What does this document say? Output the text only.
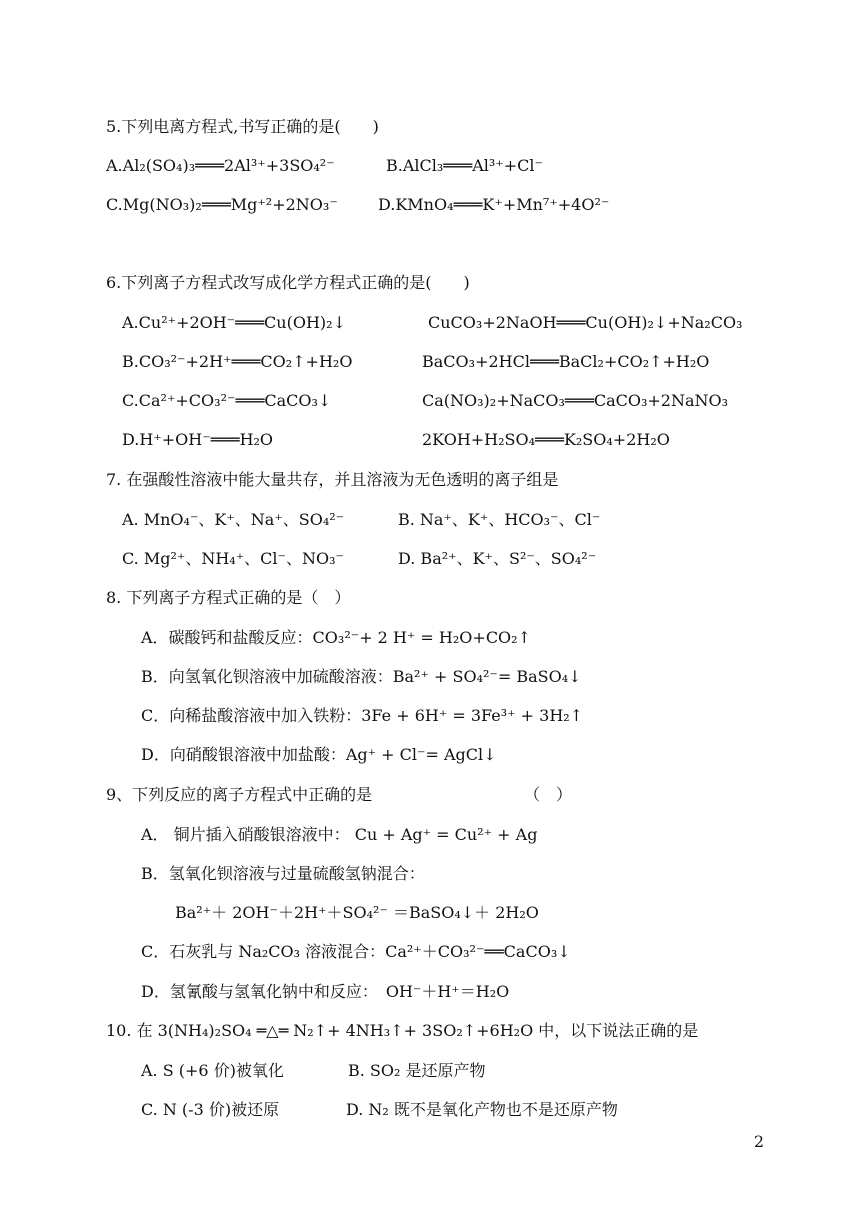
5.下列电离方程式,书写正确的是(　　)
A.Al₂(SO₄)₃═══2Al³⁺+3SO₄²⁻	B.AlCl₃═══Al³⁺+Cl⁻
C.Mg(NO₃)₂═══Mg⁺²+2NO₃⁻	D.KMnO₄═══K⁺+Mn⁷⁺+4O²⁻
6.下列离子方程式改写成化学方程式正确的是(　　)
A.Cu²⁺+2OH⁻═══Cu(OH)₂↓	CuCO₃+2NaOH═══Cu(OH)₂↓+Na₂CO₃
B.CO₃²⁻+2H⁺═══CO₂↑+H₂O	BaCO₃+2HCl═══BaCl₂+CO₂↑+H₂O
C.Ca²⁺+CO₃²⁻═══CaCO₃↓	Ca(NO₃)₂+NaCO₃═══CaCO₃+2NaNO₃
D.H⁺+OH⁻═══H₂O	2KOH+H₂SO₄═══K₂SO₄+2H₂O
7. 在强酸性溶液中能大量共存，并且溶液为无色透明的离子组是
A. MnO₄⁻、K⁺、Na⁺、SO₄²⁻	B. Na⁺、K⁺、HCO₃⁻、Cl⁻
C. Mg²⁺、NH₄⁺、Cl⁻、NO₃⁻	D. Ba²⁺、K⁺、S²⁻、SO₄²⁻
8. 下列离子方程式正确的是（　）
A．碳酸钙和盐酸反应：CO₃²⁻+ 2 H⁺ = H₂O+CO₂↑
B．向氢氧化钡溶液中加硫酸溶液：Ba²⁺ + SO₄²⁻= BaSO₄↓
C．向稀盐酸溶液中加入铁粉：3Fe + 6H⁺ = 3Fe³⁺ + 3H₂↑
D．向硝酸银溶液中加盐酸：Ag⁺ + Cl⁻= AgCl↓
9、下列反应的离子方程式中正确的是	（　）
A． 铜片插入硝酸银溶液中： Cu + Ag⁺ = Cu²⁺ + Ag
B．氢氧化钡溶液与过量硫酸氢钠混合：
Ba²⁺＋ 2OH⁻＋2H⁺＋SO₄²⁻ ＝BaSO₄↓＋ 2H₂O
C．石灰乳与 Na₂CO₃ 溶液混合：Ca²⁺＋CO₃²⁻══CaCO₃↓
D．氢氰酸与氢氧化钠中和反应：　OH⁻＋H⁺＝H₂O
10. 在 3(NH₄)₂SO₄ ═△═ N₂↑+ 4NH₃↑+ 3SO₂↑+6H₂O 中，以下说法正确的是
A. S (+6 价)被氧化	B. SO₂ 是还原产物
C. N (-3 价)被还原	D. N₂ 既不是氧化产物也不是还原产物
2
